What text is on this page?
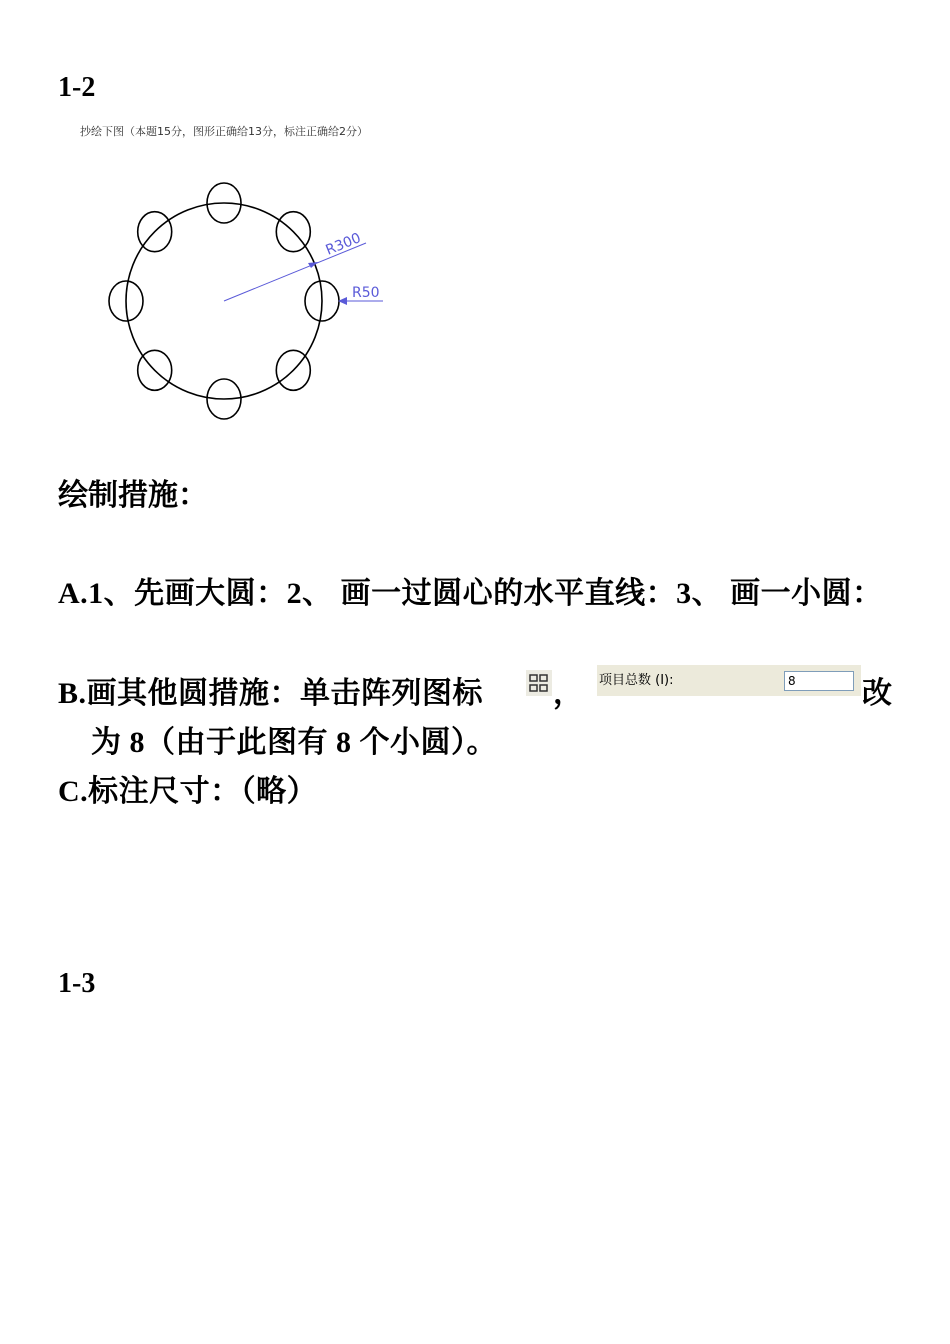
1-2
抄绘下图（本题15分，图形正确给13分，标注正确给2分）
R300
R50
绘制措施：
A.1、先画大圆：2、 画一过圆心的水平直线：3、 画一小圆：
B.画其他圆措施：单击阵列图标 ， 项目总数 (I):	8	改
为 8（由于此图有 8 个小圆）。
C.标注尺寸：（略）
1-3
